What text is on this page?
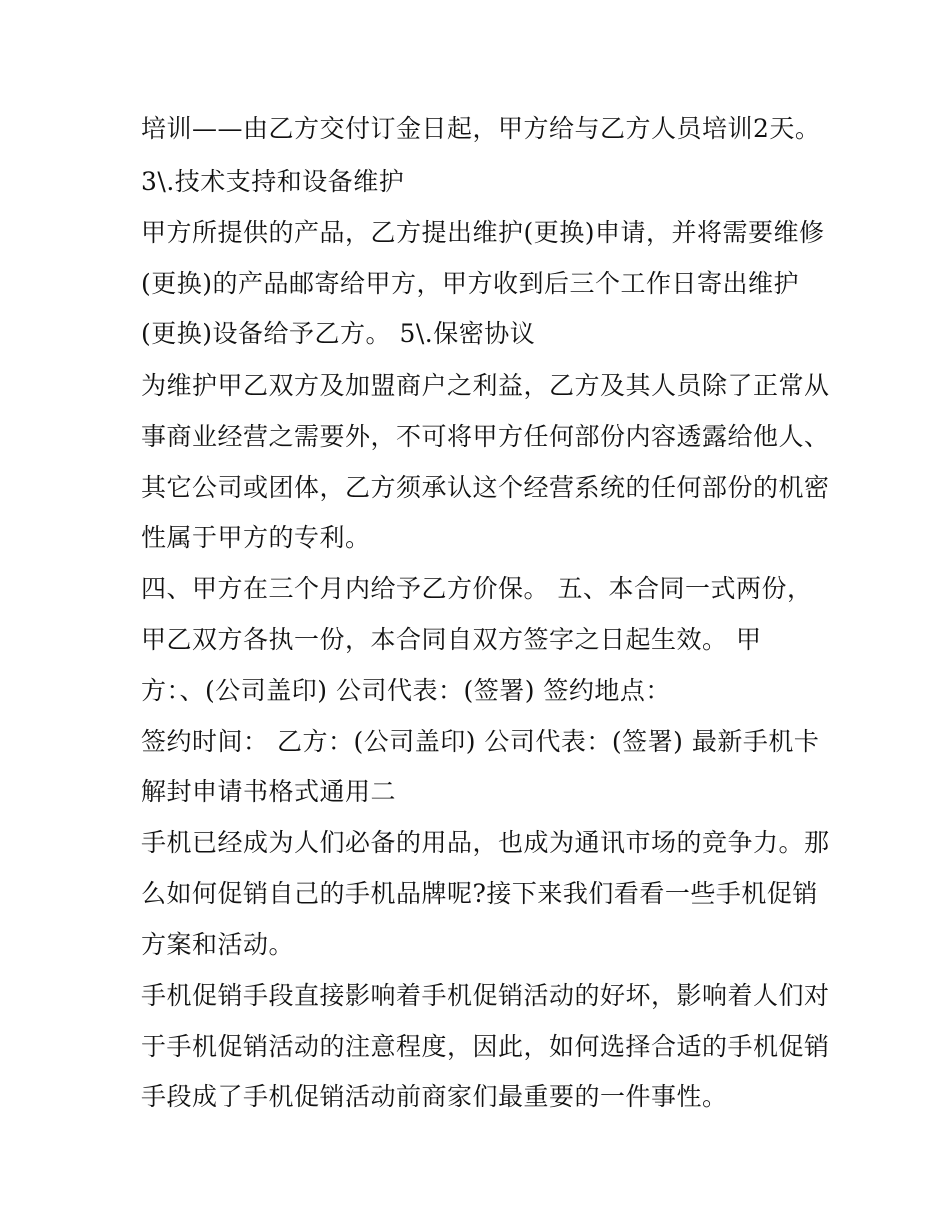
培训——由乙方交付订金日起，甲方给与乙方人员培训2天。
3\.技术支持和设备维护
甲方所提供的产品，乙方提出维护(更换)申请，并将需要维修
(更换)的产品邮寄给甲方，甲方收到后三个工作日寄出维护
(更换)设备给予乙方。 5\.保密协议
为维护甲乙双方及加盟商户之利益，乙方及其人员除了正常从
事商业经营之需要外，不可将甲方任何部份内容透露给他人、
其它公司或团体，乙方须承认这个经营系统的任何部份的机密
性属于甲方的专利。
四、甲方在三个月内给予乙方价保。 五、本合同一式两份，
甲乙双方各执一份，本合同自双方签字之日起生效。 甲
方：、(公司盖印) 公司代表：(签署) 签约地点：
签约时间： 乙方：(公司盖印) 公司代表：(签署) 最新手机卡
解封申请书格式通用二
手机已经成为人们必备的用品，也成为通讯市场的竞争力。那
么如何促销自己的手机品牌呢?接下来我们看看一些手机促销
方案和活动。
手机促销手段直接影响着手机促销活动的好坏，影响着人们对
于手机促销活动的注意程度，因此，如何选择合适的手机促销
手段成了手机促销活动前商家们最重要的一件事性。
